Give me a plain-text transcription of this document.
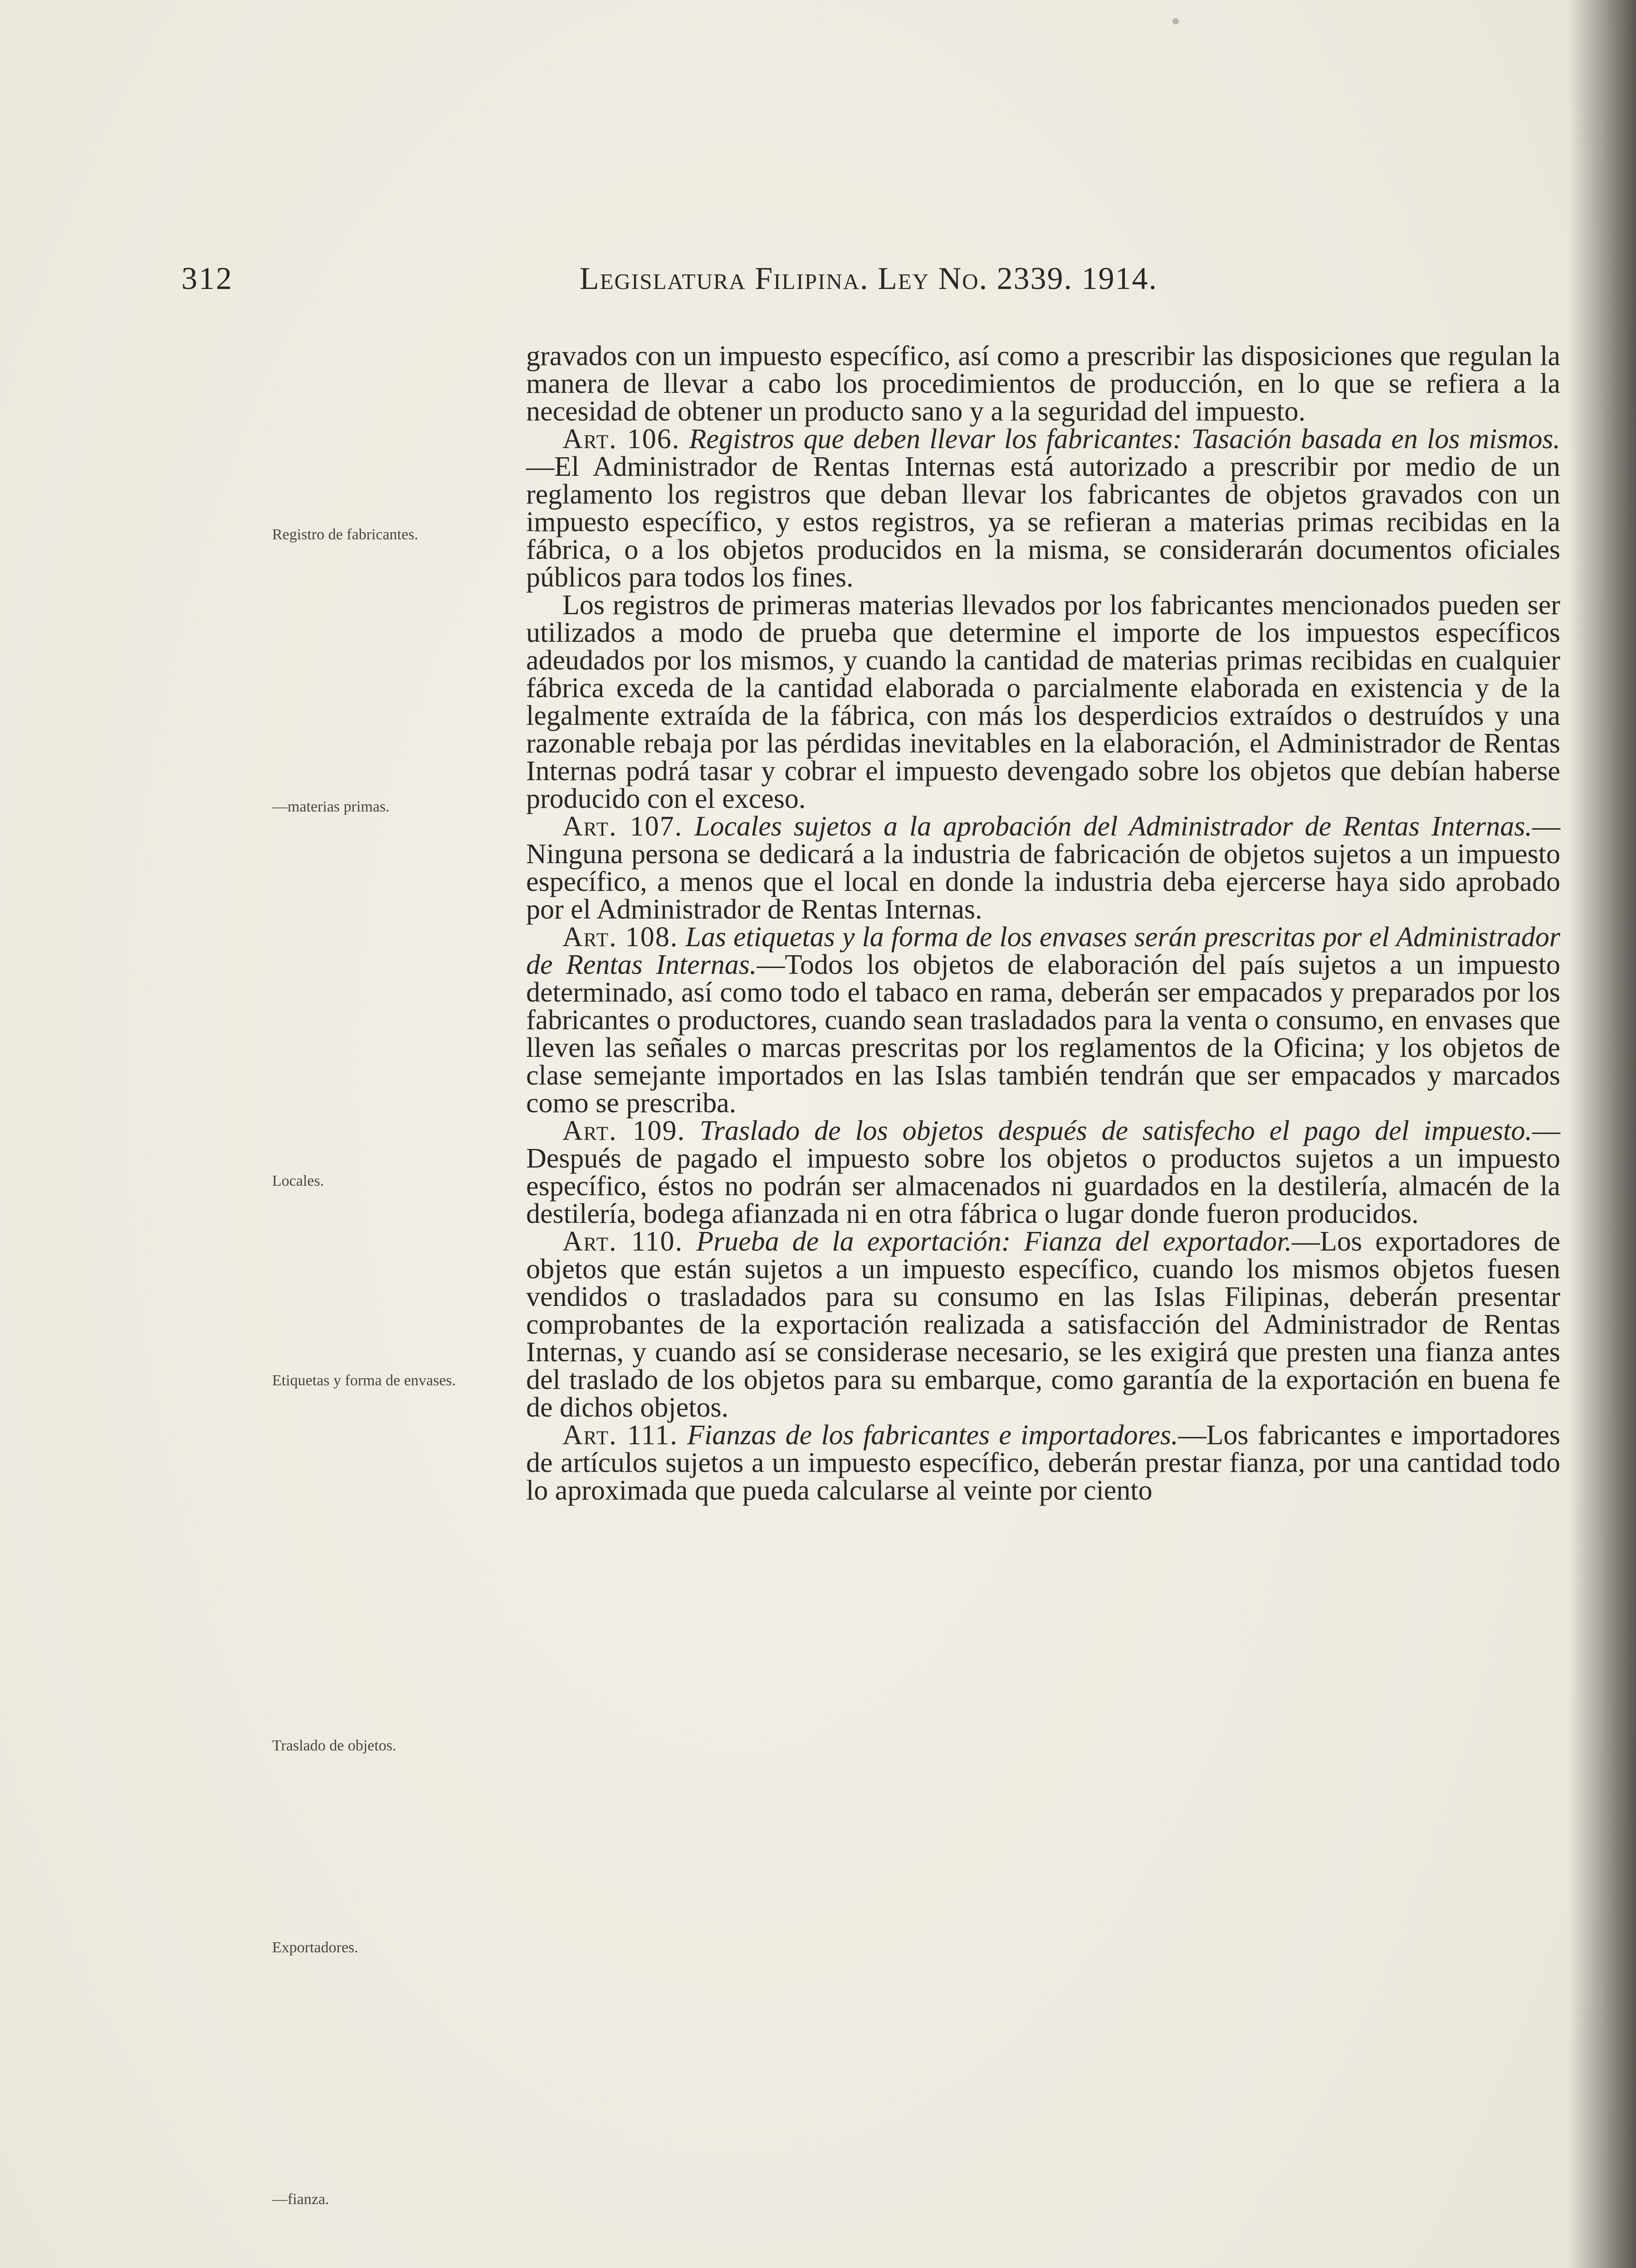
312	Legislatura Filipina. Ley No. 2339. 1914.
Registro de fabricantes.
—materias primas.
Locales.
Etiquetas y forma de envases.
Traslado de objetos.
Exportadores.
—fianza.

gravados con un impuesto específico, así como a prescribir las disposiciones que regulan la manera de llevar a cabo los procedimientos de producción, en lo que se refiera a la necesidad de obtener un producto sano y a la seguridad del impuesto.

Art. 106. Registros que deben llevar los fabricantes: Tasación basada en los mismos.—El Administrador de Rentas Internas está autorizado a prescribir por medio de un reglamento los registros que deban llevar los fabricantes de objetos gravados con un impuesto específico, y estos registros, ya se refieran a materias primas recibidas en la fábrica, o a los objetos producidos en la misma, se considerarán documentos oficiales públicos para todos los fines.

Los registros de primeras materias llevados por los fabricantes mencionados pueden ser utilizados a modo de prueba que determine el importe de los impuestos específicos adeudados por los mismos, y cuando la cantidad de materias primas recibidas en cualquier fábrica exceda de la cantidad elaborada o parcialmente elaborada en existencia y de la legalmente extraída de la fábrica, con más los desperdicios extraídos o destruídos y una razonable rebaja por las pérdidas inevitables en la elaboración, el Administrador de Rentas Internas podrá tasar y cobrar el impuesto devengado sobre los objetos que debían haberse producido con el exceso.

Art. 107. Locales sujetos a la aprobación del Administrador de Rentas Internas.—Ninguna persona se dedicará a la industria de fabricación de objetos sujetos a un impuesto específico, a menos que el local en donde la industria deba ejercerse haya sido aprobado por el Administrador de Rentas Internas.

Art. 108. Las etiquetas y la forma de los envases serán prescritas por el Administrador de Rentas Internas.—Todos los objetos de elaboración del país sujetos a un impuesto determinado, así como todo el tabaco en rama, deberán ser empacados y preparados por los fabricantes o productores, cuando sean trasladados para la venta o consumo, en envases que lleven las señales o marcas prescritas por los reglamentos de la Oficina; y los objetos de clase semejante importados en las Islas también tendrán que ser empacados y marcados como se prescriba.

Art. 109. Traslado de los objetos después de satisfecho el pago del impuesto.—Después de pagado el impuesto sobre los objetos o productos sujetos a un impuesto específico, éstos no podrán ser almacenados ni guardados en la destilería, almacén de la destilería, bodega afianzada ni en otra fábrica o lugar donde fueron producidos.

Art. 110. Prueba de la exportación: Fianza del exportador.—Los exportadores de objetos que están sujetos a un impuesto específico, cuando los mismos objetos fuesen vendidos o trasladados para su consumo en las Islas Filipinas, deberán presentar comprobantes de la exportación realizada a satisfacción del Administrador de Rentas Internas, y cuando así se considerase necesario, se les exigirá que presten una fianza antes del traslado de los objetos para su embarque, como garantía de la exportación en buena fe de dichos objetos.

Art. 111. Fianzas de los fabricantes e importadores.—Los fabricantes e importadores de artículos sujetos a un impuesto específico, deberán prestar fianza, por una cantidad todo lo aproximada que pueda calcularse al veinte por ciento
